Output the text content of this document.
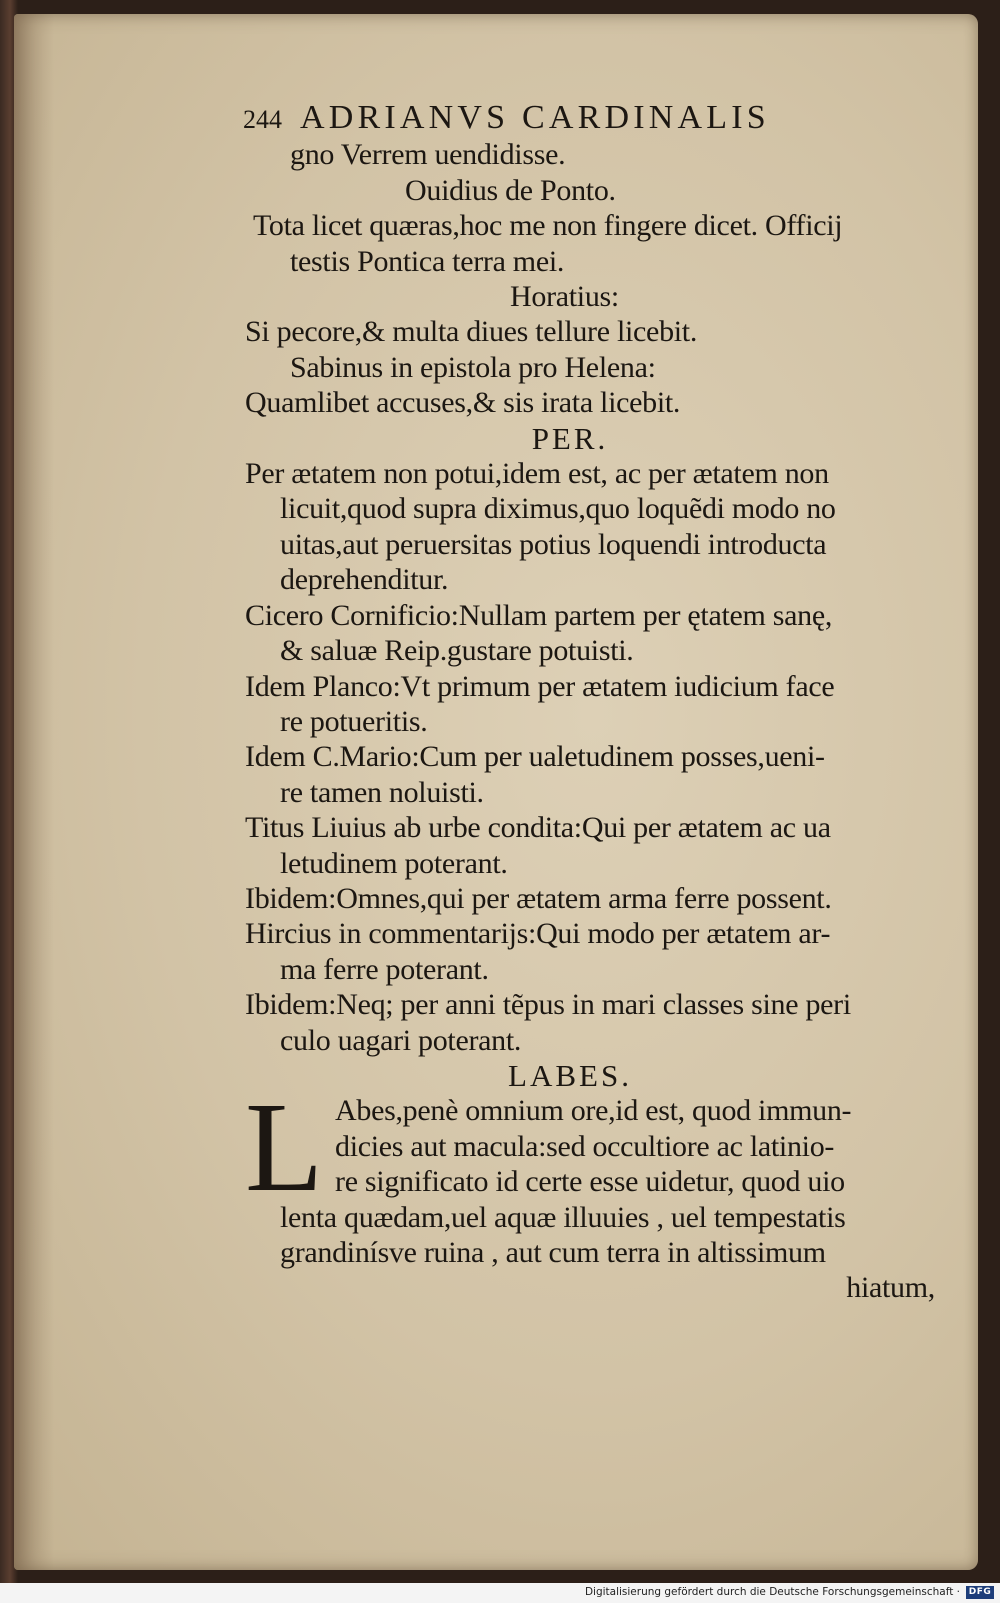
244 ADRIANVS CARDINALIS
gno Verrem uendidisse.
Ouidius de Ponto.
Tota licet quæras,hoc me non fingere dicet. Officij
testis Pontica terra mei.
Horatius:
Si pecore,& multa diues tellure licebit.
Sabinus in epistola pro Helena:
Quamlibet accuses,& sis irata licebit.
PER.
Per ætatem non potui,idem est, ac per ætatem non
licuit,quod supra diximus,quo loquẽdi modo no
uitas,aut peruersitas potius loquendi introducta
deprehenditur.
Cicero Cornificio:Nullam partem per ętatem sanę,
& saluæ Reip.gustare potuisti.
Idem Planco:Vt primum per ætatem iudicium face
re potueritis.
Idem C.Mario:Cum per ualetudinem posses,ueni-
re tamen noluisti.
Titus Liuius ab urbe condita:Qui per ætatem ac ua
letudinem poterant.
Ibidem:Omnes,qui per ætatem arma ferre possent.
Hircius in commentarijs:Qui modo per ætatem ar-
ma ferre poterant.
Ibidem:Neq; per anni tẽpus in mari classes sine peri
culo uagari poterant.
LABES.
L Abes,penè omnium ore,id est, quod immun-
dicies aut macula:sed occultiore ac latinio-
re significato id certe esse uidetur, quod uio
lenta quædam,uel aquæ illuuies , uel tempestatis
grandinísve ruina , aut cum terra in altissimum
hiatum,
Digitalisierung gefördert durch die Deutsche Forschungsgemeinschaft · DFG
